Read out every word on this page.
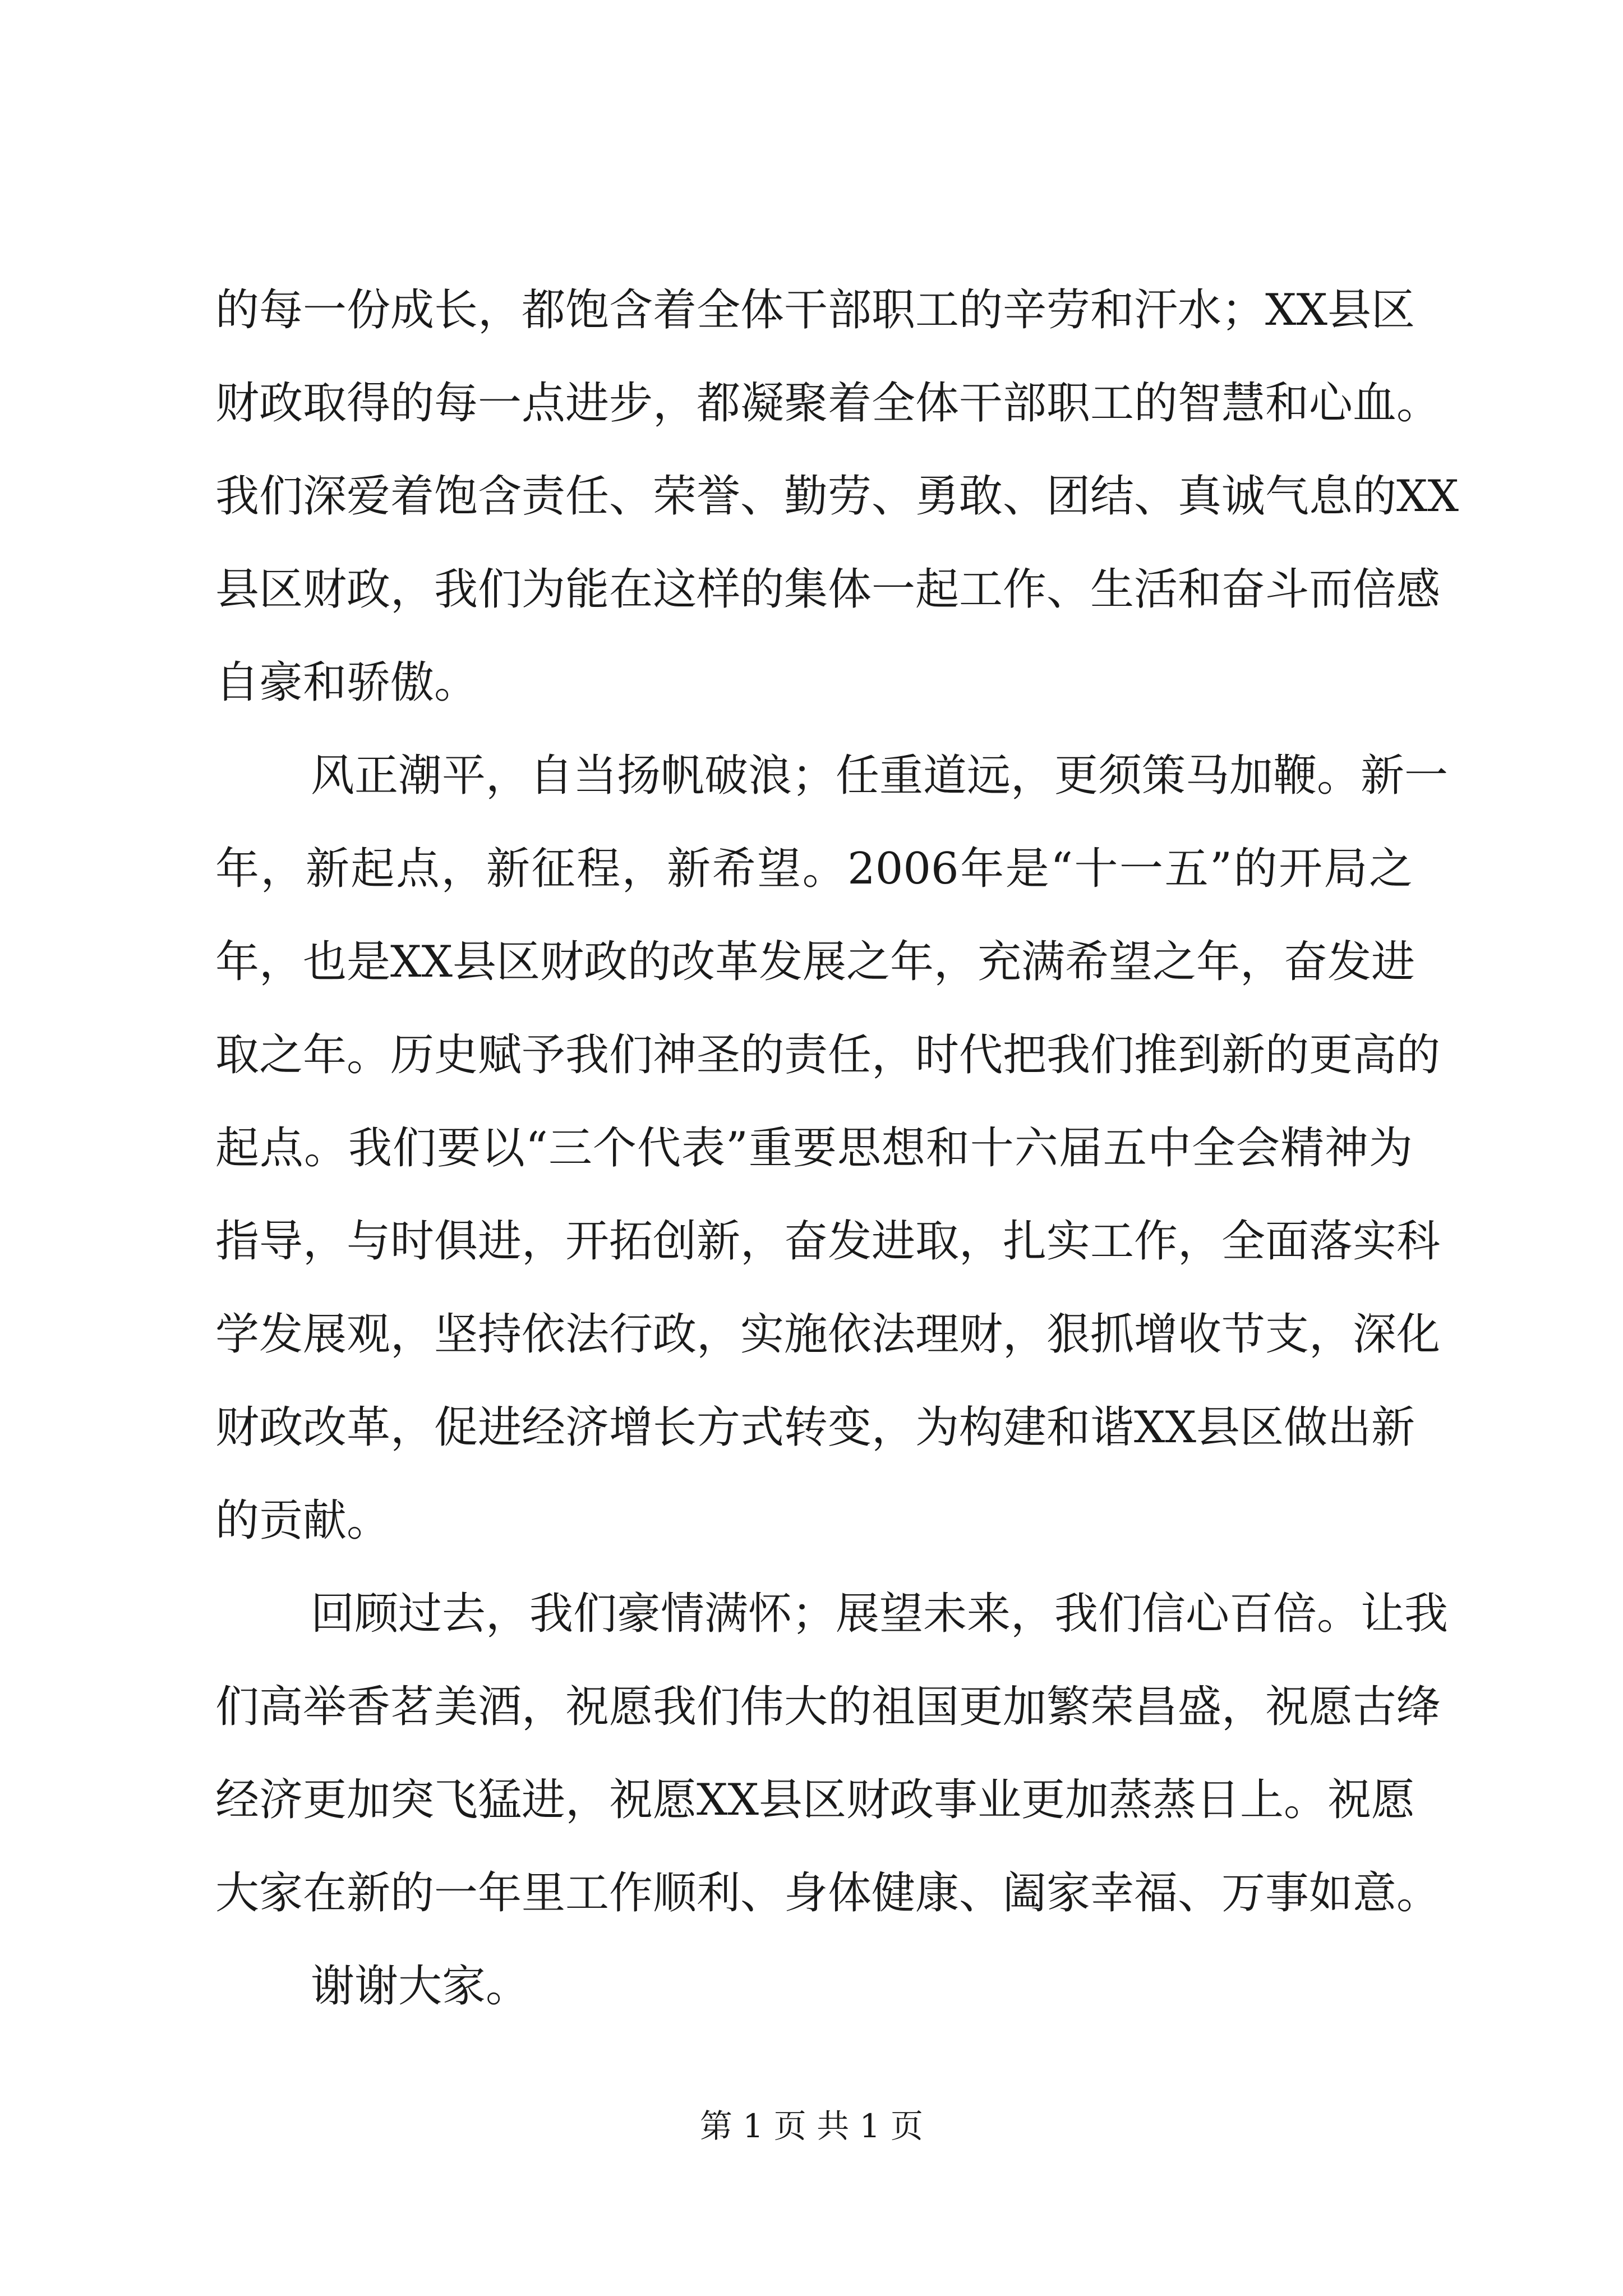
的每一份成长，都饱含着全体干部职工的辛劳和汗水；XX县区
财政取得的每一点进步，都凝聚着全体干部职工的智慧和心血。
我们深爱着饱含责任、荣誉、勤劳、勇敢、团结、真诚气息的XX
县区财政，我们为能在这样的集体一起工作、生活和奋斗而倍感
自豪和骄傲。
风正潮平，自当扬帆破浪；任重道远，更须策马加鞭。新一
年，新起点，新征程，新希望。2006年是“十一五”的开局之
年，也是XX县区财政的改革发展之年，充满希望之年，奋发进
取之年。历史赋予我们神圣的责任，时代把我们推到新的更高的
起点。我们要以“三个代表”重要思想和十六届五中全会精神为
指导，与时俱进，开拓创新，奋发进取，扎实工作，全面落实科
学发展观，坚持依法行政，实施依法理财，狠抓增收节支，深化
财政改革，促进经济增长方式转变，为构建和谐XX县区做出新
的贡献。
回顾过去，我们豪情满怀；展望未来，我们信心百倍。让我
们高举香茗美酒，祝愿我们伟大的祖国更加繁荣昌盛，祝愿古绛
经济更加突飞猛进，祝愿XX县区财政事业更加蒸蒸日上。祝愿
大家在新的一年里工作顺利、身体健康、阖家幸福、万事如意。
谢谢大家。
第 1 页 共 1 页
